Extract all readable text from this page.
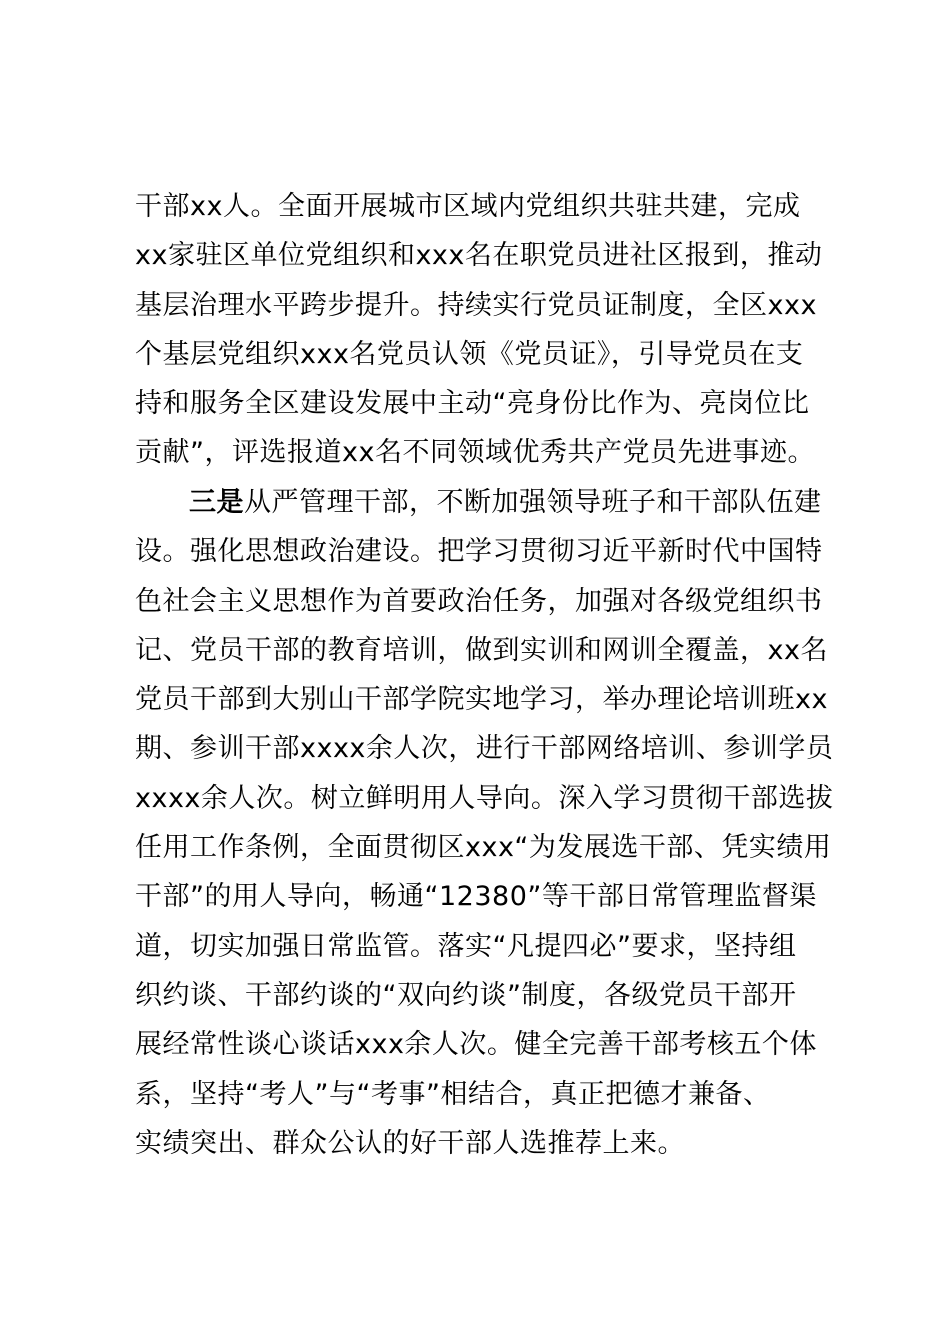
干部xx人。全面开展城市区域内党组织共驻共建，完成
xx家驻区单位党组织和xxx名在职党员进社区报到，推动
基层治理水平跨步提升。持续实行党员证制度，全区xxx
个基层党组织xxx名党员认领《党员证》，引导党员在支
持和服务全区建设发展中主动“亮身份比作为、亮岗位比
贡献”，评选报道xx名不同领域优秀共产党员先进事迹。
三是从严管理干部，不断加强领导班子和干部队伍建
设。强化思想政治建设。把学习贯彻习近平新时代中国特
色社会主义思想作为首要政治任务，加强对各级党组织书
记、党员干部的教育培训，做到实训和网训全覆盖，xx名
党员干部到大别山干部学院实地学习，举办理论培训班xx
期、参训干部xxxx余人次，进行干部网络培训、参训学员
xxxx余人次。树立鲜明用人导向。深入学习贯彻干部选拔
任用工作条例，全面贯彻区xxx“为发展选干部、凭实绩用
干部”的用人导向，畅通“12380”等干部日常管理监督渠
道，切实加强日常监管。落实“凡提四必”要求，坚持组
织约谈、干部约谈的“双向约谈”制度，各级党员干部开
展经常性谈心谈话xxx余人次。健全完善干部考核五个体
系，坚持“考人”与“考事”相结合，真正把德才兼备、
实绩突出、群众公认的好干部人选推荐上来。
